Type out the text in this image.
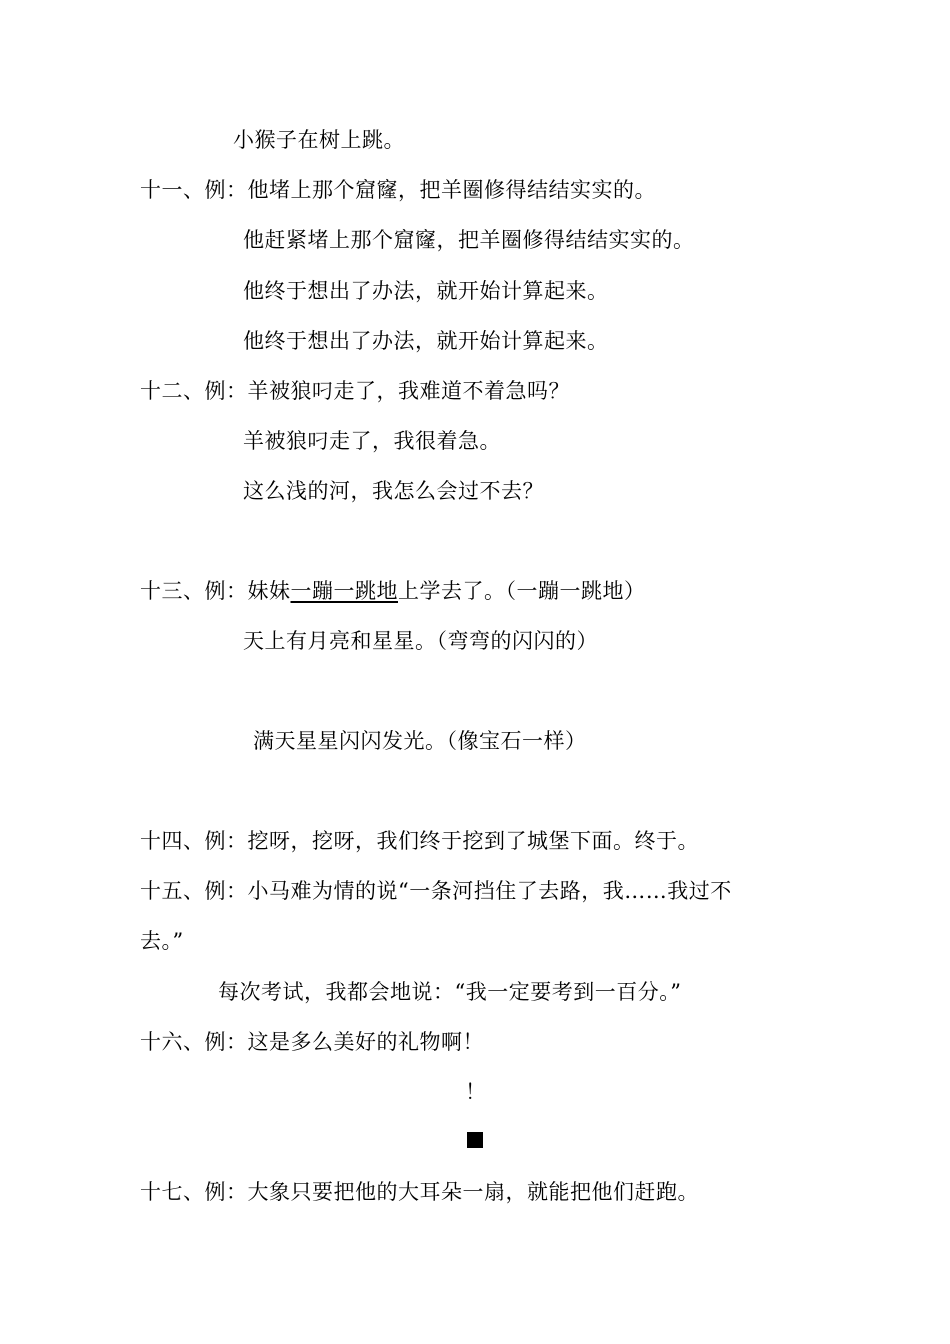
小猴子在树上跳。
十一、例：他堵上那个窟窿，把羊圈修得结结实实的。
他赶紧堵上那个窟窿，把羊圈修得结结实实的。
他终于想出了办法，就开始计算起来。
他终于想出了办法，就开始计算起来。
十二、例：羊被狼叼走了，我难道不着急吗？
羊被狼叼走了，我很着急。
这么浅的河，我怎么会过不去？
十三、例：妹妹一蹦一跳地上学去了。（一蹦一跳地）
天上有月亮和星星。（弯弯的闪闪的）
满天星星闪闪发光。（像宝石一样）
十四、例：挖呀，挖呀，我们终于挖到了城堡下面。终于。
十五、例：小马难为情的说“一条河挡住了去路，我……我过不
去。”
每次考试，我都会地说：“我一定要考到一百分。”
十六、例：这是多么美好的礼物啊！
！
十七、例：大象只要把他的大耳朵一扇，就能把他们赶跑。
